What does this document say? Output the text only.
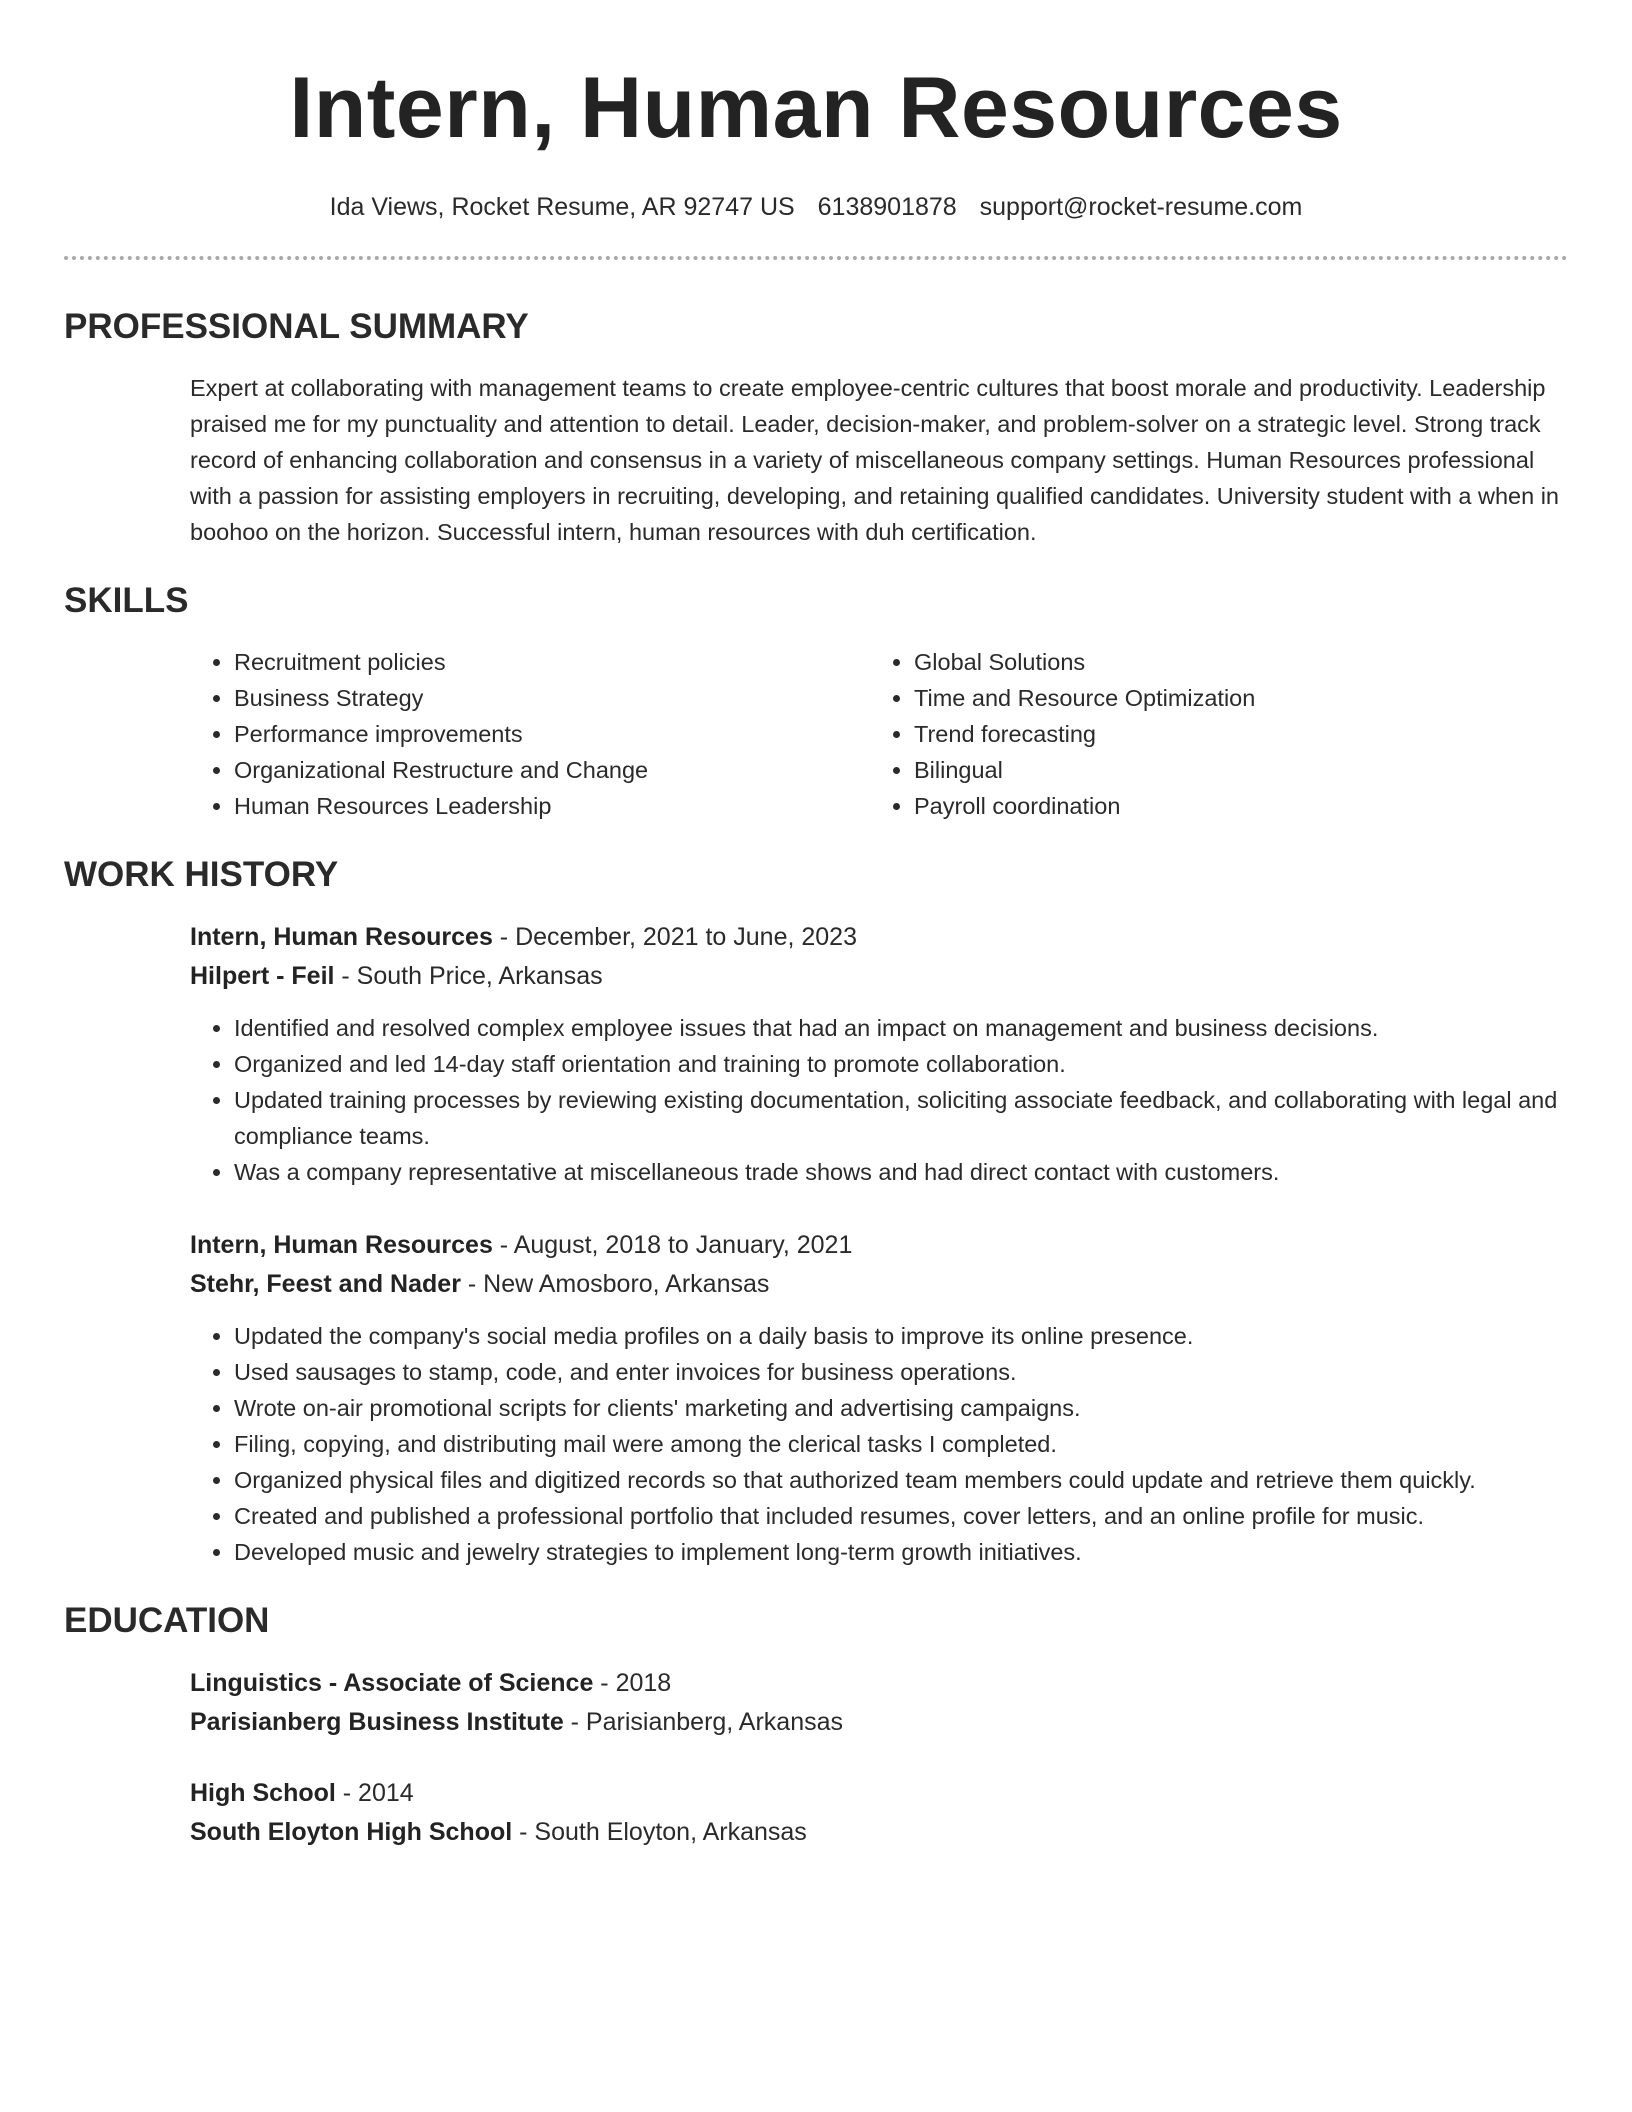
Intern, Human Resources
Ida Views, Rocket Resume, AR 92747 US 6138901878 support@rocket-resume.com
PROFESSIONAL SUMMARY

Expert at collaborating with management teams to create employee-centric cultures that boost morale and productivity. Leadership praised me for my punctuality and attention to detail. Leader, decision-maker, and problem-solver on a strategic level. Strong track record of enhancing collaboration and consensus in a variety of miscellaneous company settings. Human Resources professional with a passion for assisting employers in recruiting, developing, and retaining qualified candidates. University student with a when in boohoo on the horizon. Successful intern, human resources with duh certification.

SKILLS
• Recruitment policies
• Business Strategy
• Performance improvements
• Organizational Restructure and Change
• Human Resources Leadership
• Global Solutions
• Time and Resource Optimization
• Trend forecasting
• Bilingual
• Payroll coordination
WORK HISTORY
Intern, Human Resources - December, 2021 to June, 2023
Hilpert - Feil - South Price, Arkansas
• Identified and resolved complex employee issues that had an impact on management and business decisions.
• Organized and led 14-day staff orientation and training to promote collaboration.
• Updated training processes by reviewing existing documentation, soliciting associate feedback, and collaborating with legal and compliance teams.
• Was a company representative at miscellaneous trade shows and had direct contact with customers.
Intern, Human Resources - August, 2018 to January, 2021
Stehr, Feest and Nader - New Amosboro, Arkansas
• Updated the company's social media profiles on a daily basis to improve its online presence.
• Used sausages to stamp, code, and enter invoices for business operations.
• Wrote on-air promotional scripts for clients' marketing and advertising campaigns.
• Filing, copying, and distributing mail were among the clerical tasks I completed.
• Organized physical files and digitized records so that authorized team members could update and retrieve them quickly.
• Created and published a professional portfolio that included resumes, cover letters, and an online profile for music.
• Developed music and jewelry strategies to implement long-term growth initiatives.
EDUCATION
Linguistics - Associate of Science - 2018
Parisianberg Business Institute - Parisianberg, Arkansas
High School - 2014
South Eloyton High School - South Eloyton, Arkansas
